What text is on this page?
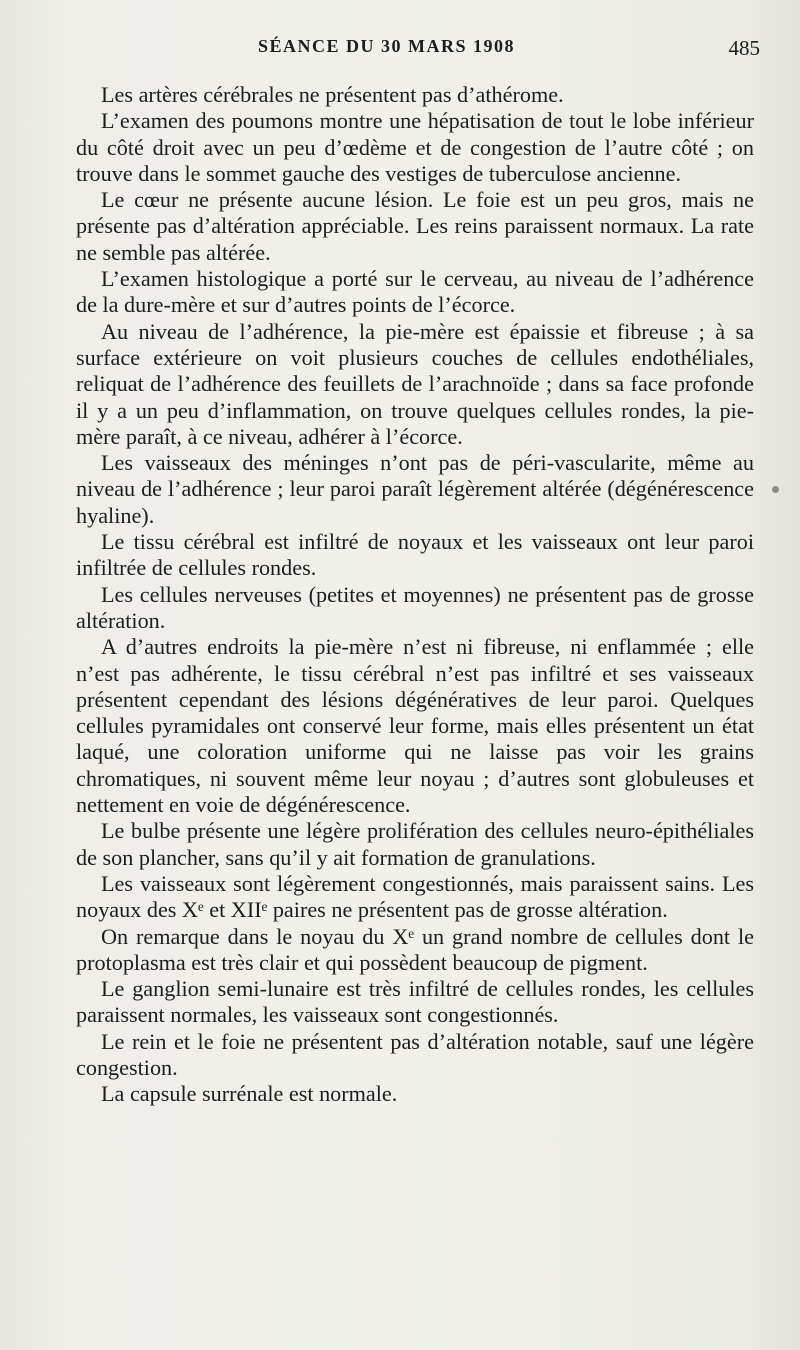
SÉANCE DU 30 MARS 1908	485

Les artères cérébrales ne présentent pas d’athérome.

L’examen des poumons montre une hépatisation de tout le lobe inférieur du côté droit avec un peu d’œdème et de congestion de l’autre côté ; on trouve dans le sommet gauche des vestiges de tuberculose ancienne.

Le cœur ne présente aucune lésion. Le foie est un peu gros, mais ne présente pas d’altération appréciable. Les reins paraissent normaux. La rate ne semble pas altérée.

L’examen histologique a porté sur le cerveau, au niveau de l’adhérence de la dure-mère et sur d’autres points de l’écorce.

Au niveau de l’adhérence, la pie-mère est épaissie et fibreuse ; à sa surface extérieure on voit plusieurs couches de cellules endothéliales, reliquat de l’adhérence des feuillets de l’arachnoïde ; dans sa face profonde il y a un peu d’inflammation, on trouve quelques cellules rondes, la pie-mère paraît, à ce niveau, adhérer à l’écorce.

Les vaisseaux des méninges n’ont pas de péri-vascularite, même au niveau de l’adhérence ; leur paroi paraît légèrement altérée (dégénérescence hyaline).

Le tissu cérébral est infiltré de noyaux et les vaisseaux ont leur paroi infiltrée de cellules rondes.

Les cellules nerveuses (petites et moyennes) ne présentent pas de grosse altération.

A d’autres endroits la pie-mère n’est ni fibreuse, ni enflammée ; elle n’est pas adhérente, le tissu cérébral n’est pas infiltré et ses vaisseaux présentent cependant des lésions dégénératives de leur paroi. Quelques cellules pyramidales ont conservé leur forme, mais elles présentent un état laqué, une coloration uniforme qui ne laisse pas voir les grains chromatiques, ni souvent même leur noyau ; d’autres sont globuleuses et nettement en voie de dégénérescence.

Le bulbe présente une légère prolifération des cellules neuro-épithéliales de son plancher, sans qu’il y ait formation de granulations.

Les vaisseaux sont légèrement congestionnés, mais paraissent sains. Les noyaux des Xᵉ et XIIᵉ paires ne présentent pas de grosse altération.

On remarque dans le noyau du Xᵉ un grand nombre de cellules dont le protoplasma est très clair et qui possèdent beaucoup de pigment.

Le ganglion semi-lunaire est très infiltré de cellules rondes, les cellules paraissent normales, les vaisseaux sont congestionnés.

Le rein et le foie ne présentent pas d’altération notable, sauf une légère congestion.

La capsule surrénale est normale.
